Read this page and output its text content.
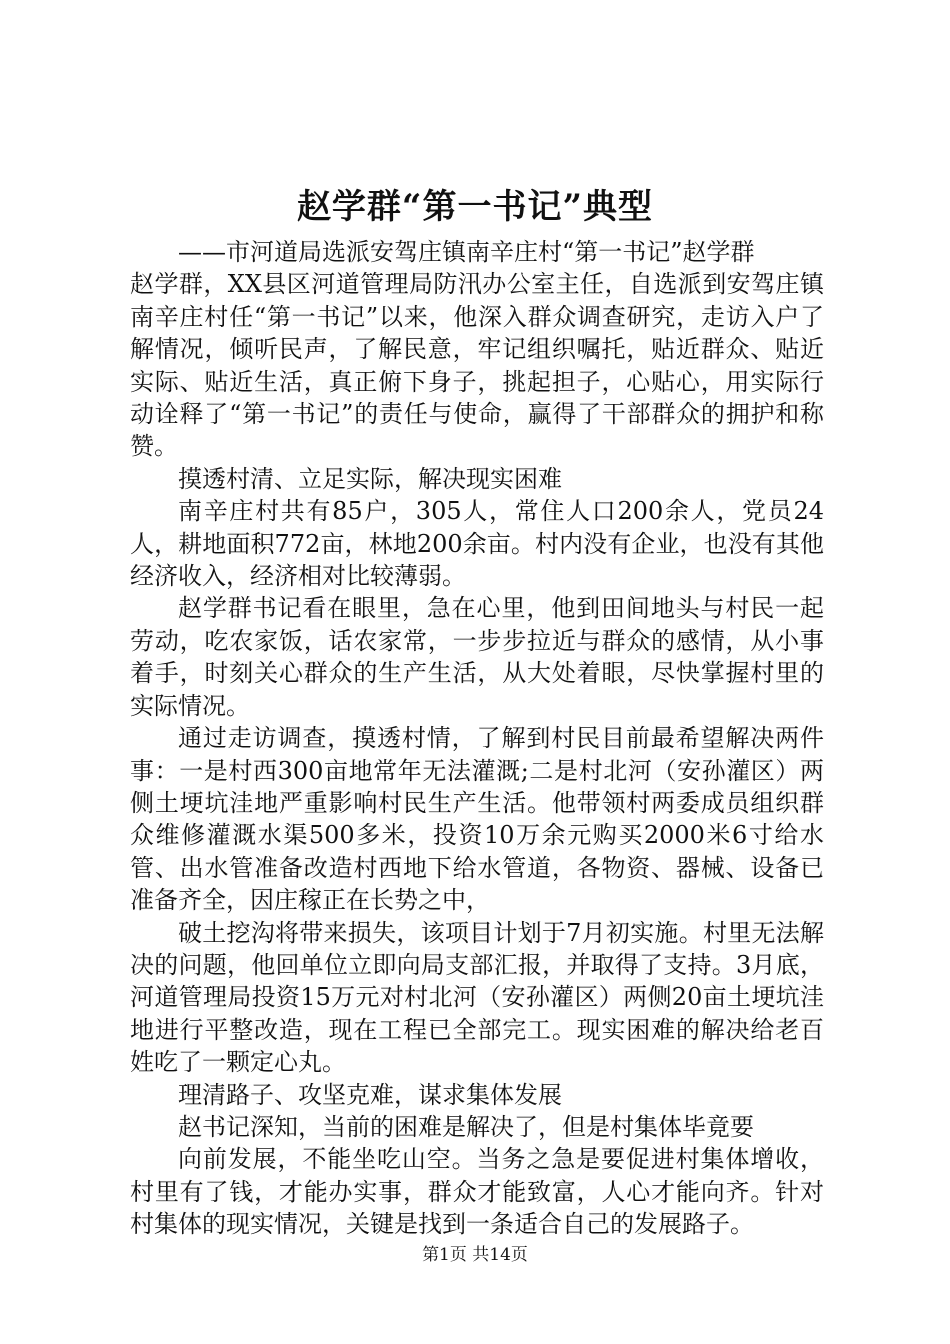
赵学群“第一书记”典型

——市河道局选派安驾庄镇南辛庄村“第一书记”赵学群

赵学群，XX县区河道管理局防汛办公室主任，自选派到安驾庄镇南辛庄村任“第一书记”以来，他深入群众调查研究，走访入户了解情况，倾听民声，了解民意，牢记组织嘱托，贴近群众、贴近实际、贴近生活，真正俯下身子，挑起担子，心贴心，用实际行动诠释了“第一书记”的责任与使命，赢得了干部群众的拥护和称赞。

摸透村清、立足实际，解决现实困难

南辛庄村共有85户，305人，常住人口200余人，党员24人，耕地面积772亩，林地200余亩。村内没有企业，也没有其他经济收入，经济相对比较薄弱。

赵学群书记看在眼里，急在心里，他到田间地头与村民一起劳动，吃农家饭，话农家常，一步步拉近与群众的感情，从小事着手，时刻关心群众的生产生活，从大处着眼，尽快掌握村里的实际情况。

通过走访调查，摸透村情，了解到村民目前最希望解决两件事：一是村西300亩地常年无法灌溉;二是村北河（安孙灌区）两侧土埂坑洼地严重影响村民生产生活。他带领村两委成员组织群众维修灌溉水渠500多米，投资10万余元购买2000米6寸给水管、出水管准备改造村西地下给水管道，各物资、器械、设备已准备齐全，因庄稼正在长势之中，

破土挖沟将带来损失，该项目计划于7月初实施。村里无法解决的问题，他回单位立即向局支部汇报，并取得了支持。3月底，河道管理局投资15万元对村北河（安孙灌区）两侧20亩土埂坑洼地进行平整改造，现在工程已全部完工。现实困难的解决给老百姓吃了一颗定心丸。

理清路子、攻坚克难，谋求集体发展

赵书记深知，当前的困难是解决了，但是村集体毕竟要

向前发展，不能坐吃山空。当务之急是要促进村集体增收，村里有了钱，才能办实事，群众才能致富，人心才能向齐。针对村集体的现实情况，关键是找到一条适合自己的发展路子。

第1页 共14页
